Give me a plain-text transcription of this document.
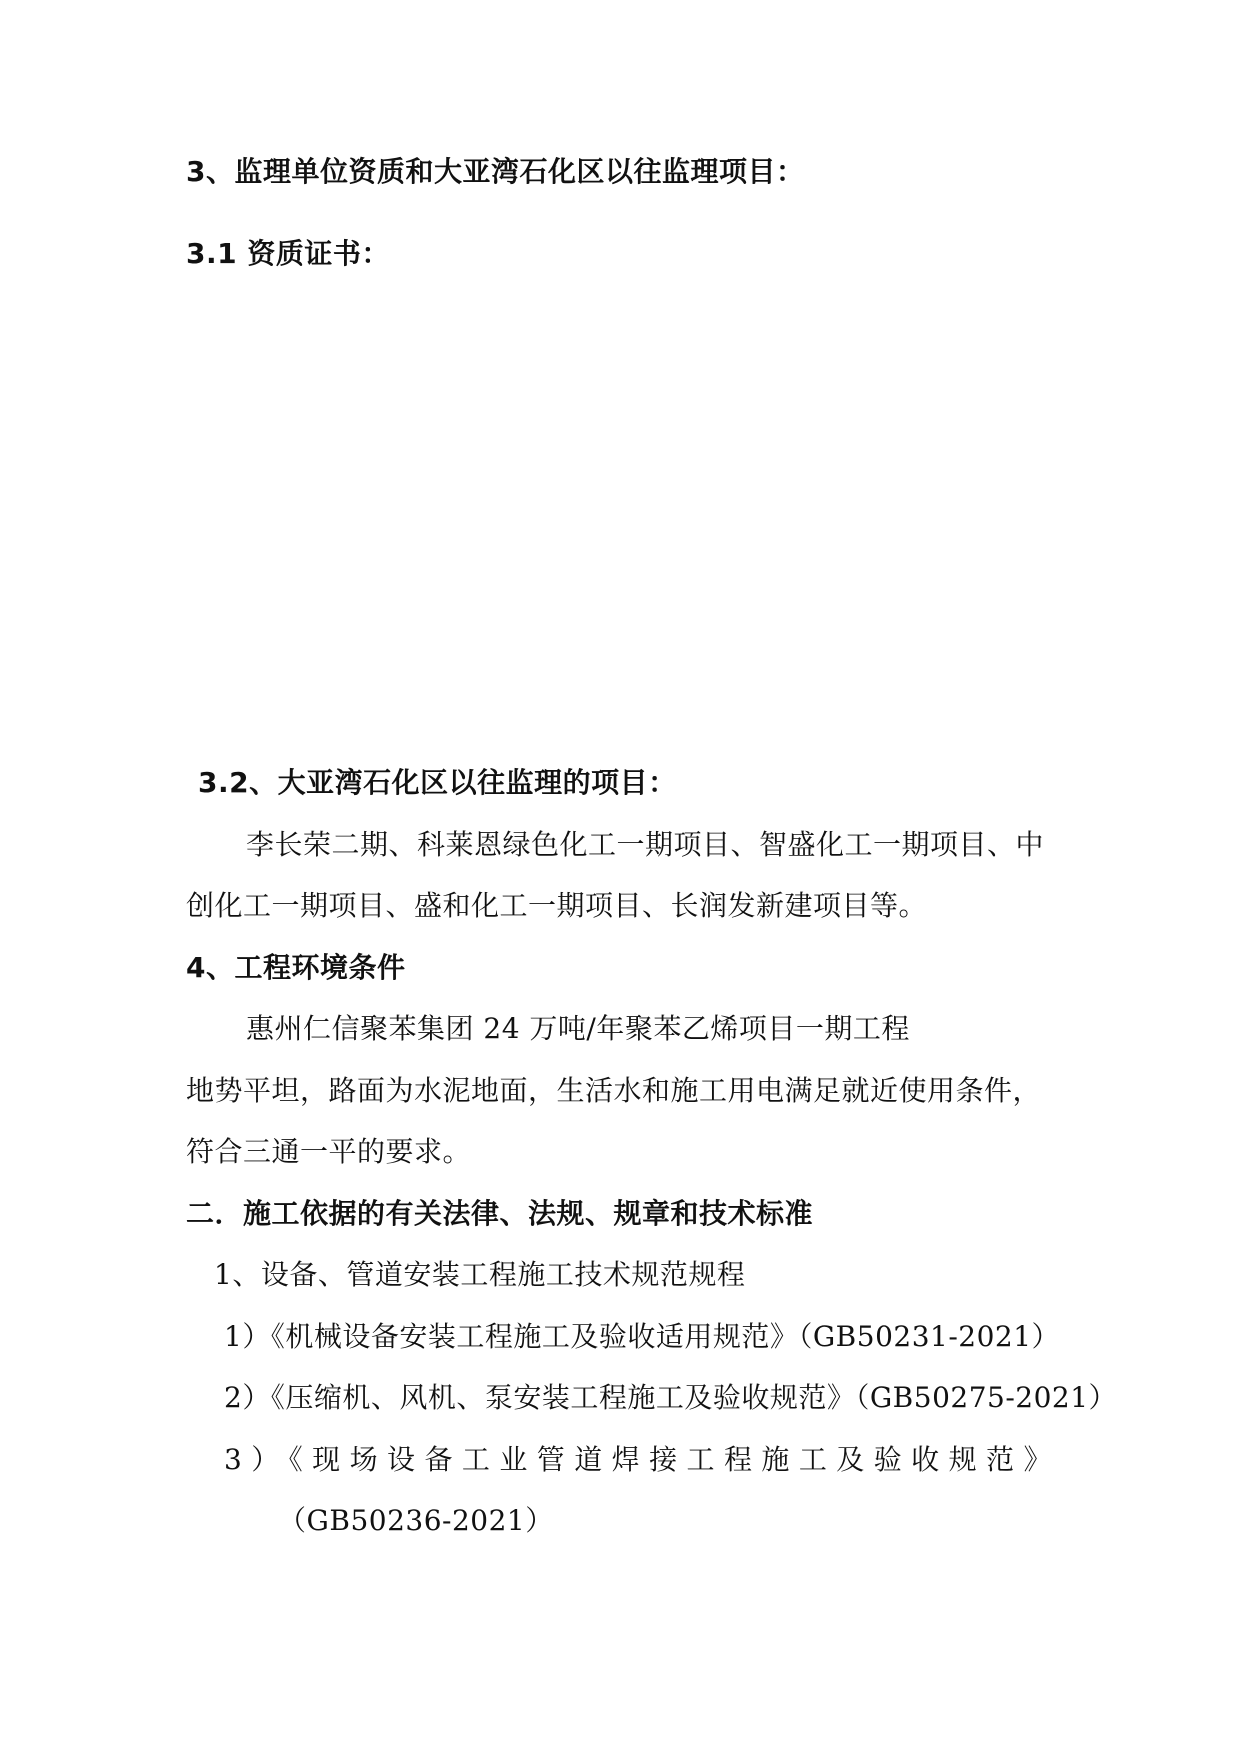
3、监理单位资质和大亚湾石化区以往监理项目：
3.1 资质证书：
3.2、大亚湾石化区以往监理的项目：
李长荣二期、科莱恩绿色化工一期项目、智盛化工一期项目、中
创化工一期项目、盛和化工一期项目、长润发新建项目等。
4、工程环境条件
惠州仁信聚苯集团 24 万吨/年聚苯乙烯项目一期工程
地势平坦，路面为水泥地面，生活水和施工用电满足就近使用条件，
符合三通一平的要求。
二．施工依据的有关法律、法规、规章和技术标准
1、设备、管道安装工程施工技术规范规程
1）《机械设备安装工程施工及验收适用规范》（GB50231-2021）
2）《压缩机、风机、泵安装工程施工及验收规范》（GB50275-2021）
3）《现场设备工业管道焊接工程施工及验收规范》
（GB50236-2021）
